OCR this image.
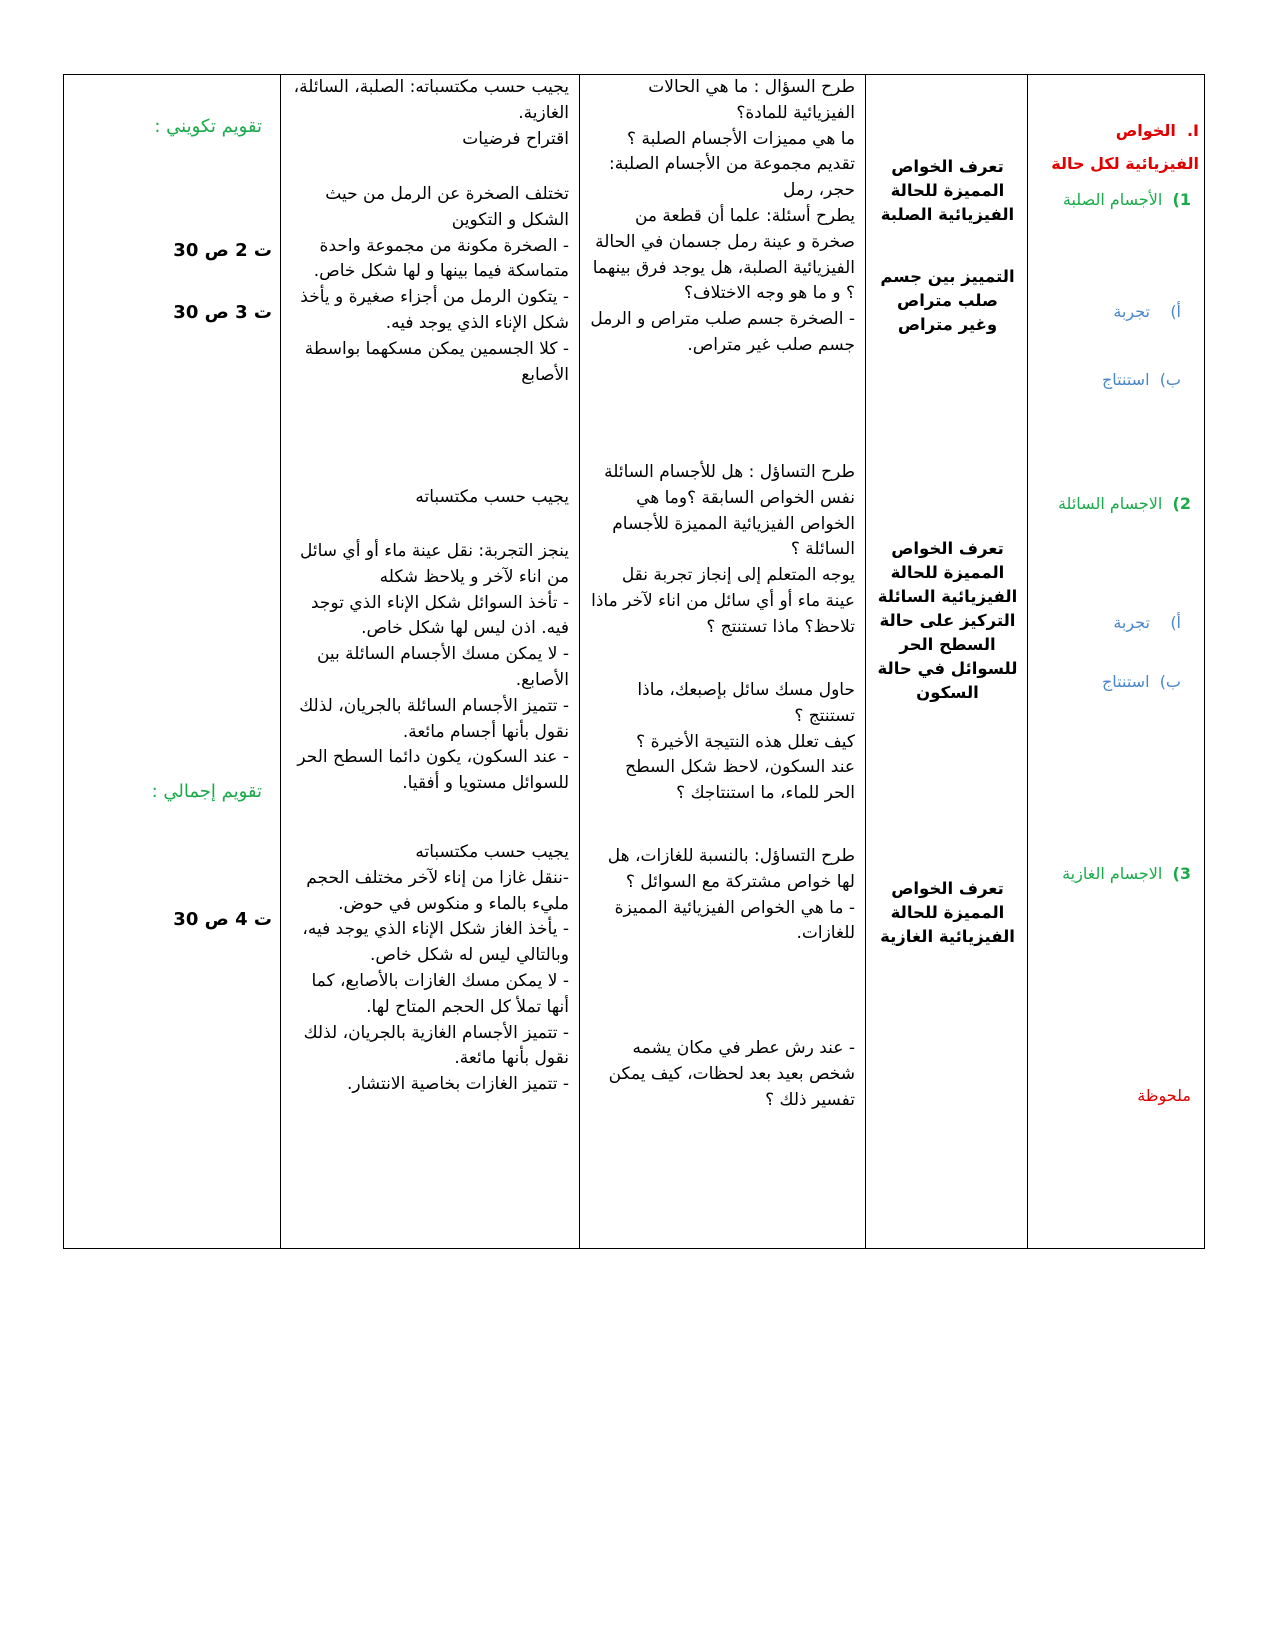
I.  الخواص الفيزيائية لكل حالة

1)  الأجسام الصلبة
أ)    تجربة
ب)  استنتاج
2)  الاجسام السائلة
أ)    تجربة
ب)  استنتاج
3)  الاجسام الغازية
ملحوظة
تعرف الخواص المميزة للحالة الفيزيائية الصلبة
التمييز بين جسم صلب متراص وغير متراص
تعرف الخواص المميزة للحالة الفيزيائية السائلة التركيز على حالة السطح الحر للسوائل في حالة السكون
تعرف الخواص المميزة للحالة الفيزيائية الغازية
طرح السؤال : ما هي الحالات الفيزيائية للمادة؟
ما هي مميزات الأجسام الصلبة ؟
تقديم مجموعة من الأجسام الصلبة: حجر، رمل
يطرح أسئلة: علما أن قطعة من صخرة و عينة رمل جسمان في الحالة الفيزيائية الصلبة، هل يوجد فرق بينهما ؟ و ما هو وجه الاختلاف؟
- الصخرة جسم صلب متراص و الرمل جسم صلب غير متراص.
طرح التساؤل : هل للأجسام السائلة نفس الخواص السابقة ؟وما هي الخواص الفيزيائية المميزة للأجسام السائلة ؟
يوجه المتعلم إلى إنجاز تجربة نقل عينة ماء أو أي سائل من اناء لآخر ماذا تلاحظ؟ ماذا تستنتج ؟
حاول مسك سائل بإصبعك، ماذا تستنتج ؟
كيف تعلل هذه النتيجة الأخيرة ؟
عند السكون، لاحظ شكل السطح الحر للماء، ما استنتاجك ؟
طرح التساؤل: بالنسبة للغازات، هل لها خواص مشتركة مع السوائل ؟
- ما هي الخواص الفيزيائية المميزة للغازات.
- عند رش عطر في مكان يشمه شخص بعيد بعد لحظات، كيف يمكن تفسير ذلك ؟
يجيب حسب مكتسباته: الصلبة، السائلة، الغازية.
اقتراح فرضيات
تختلف الصخرة عن الرمل من حيث الشكل و التكوين
- الصخرة مكونة من مجموعة واحدة متماسكة فيما بينها و لها شكل خاص.
- يتكون الرمل من أجزاء صغيرة و يأخذ شكل الإناء الذي يوجد فيه.
- كلا الجسمين يمكن مسكهما بواسطة الأصابع
يجيب حسب مكتسباته
ينجز التجربة: نقل عينة ماء أو أي سائل من اناء لآخر و يلاحظ شكله
- تأخذ السوائل شكل الإناء الذي توجد فيه. اذن ليس لها شكل خاص.
- لا يمكن مسك الأجسام السائلة بين الأصابع.
- تتميز الأجسام السائلة بالجريان، لذلك نقول بأنها أجسام مائعة.
- عند السكون، يكون دائما السطح الحر للسوائل مستويا و أفقيا.
يجيب حسب مكتسباته
-ننقل غازا من إناء لآخر مختلف الحجم مليء بالماء و منكوس في حوض.
- يأخذ الغاز شكل الإناء الذي يوجد فيه، وبالتالي ليس له شكل خاص.
- لا يمكن مسك الغازات بالأصابع، كما أنها تملأ كل الحجم المتاح لها.
- تتميز الأجسام الغازية بالجريان، لذلك نقول بأنها مائعة.
- تتميز الغازات بخاصية الانتشار.
تقويم تكويني :
ت 2 ص 30
ت 3 ص 30
تقويم إجمالي :
ت 4 ص 30
